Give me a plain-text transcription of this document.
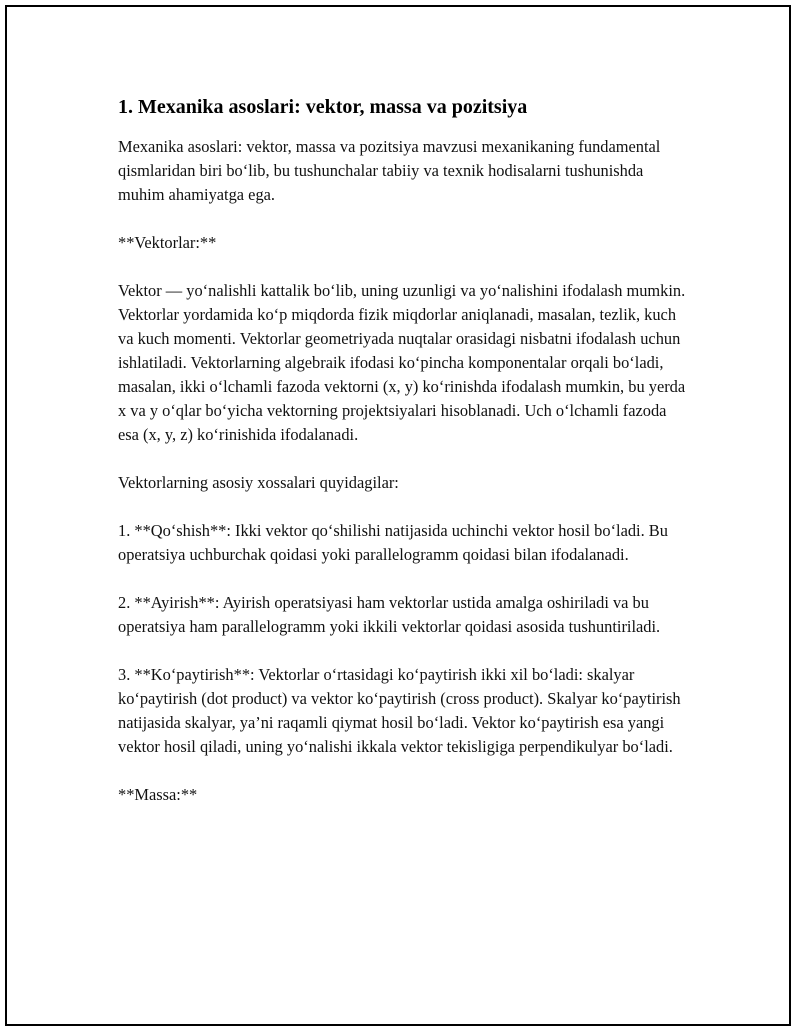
1. Mexanika asoslari: vektor, massa va pozitsiya

Mexanika asoslari: vektor, massa va pozitsiya mavzusi mexanikaning fundamental qismlaridan biri bo‘lib, bu tushunchalar tabiiy va texnik hodisalarni tushunishda muhim ahamiyatga ega.

**Vektorlar:**

Vektor — yo‘nalishli kattalik bo‘lib, uning uzunligi va yo‘nalishini ifodalash mumkin. Vektorlar yordamida ko‘p miqdorda fizik miqdorlar aniqlanadi, masalan, tezlik, kuch va kuch momenti. Vektorlar geometriyada nuqtalar orasidagi nisbatni ifodalash uchun ishlatiladi. Vektorlarning algebraik ifodasi ko‘pincha komponentalar orqali bo‘ladi, masalan, ikki o‘lchamli fazoda vektorni (x, y) ko‘rinishda ifodalash mumkin, bu yerda x va y o‘qlar bo‘yicha vektorning projektsiyalari hisoblanadi. Uch o‘lchamli fazoda esa (x, y, z) ko‘rinishida ifodalanadi.

Vektorlarning asosiy xossalari quyidagilar:

1. **Qo‘shish**: Ikki vektor qo‘shilishi natijasida uchinchi vektor hosil bo‘ladi. Bu operatsiya uchburchak qoidasi yoki parallelogramm qoidasi bilan ifodalanadi.

2. **Ayirish**: Ayirish operatsiyasi ham vektorlar ustida amalga oshiriladi va bu operatsiya ham parallelogramm yoki ikkili vektorlar qoidasi asosida tushuntiriladi.

3. **Ko‘paytirish**: Vektorlar o‘rtasidagi ko‘paytirish ikki xil bo‘ladi: skalyar ko‘paytirish (dot product) va vektor ko‘paytirish (cross product). Skalyar ko‘paytirish natijasida skalyar, ya’ni raqamli qiymat hosil bo‘ladi. Vektor ko‘paytirish esa yangi vektor hosil qiladi, uning yo‘nalishi ikkala vektor tekisligiga perpendikulyar bo‘ladi.

**Massa:**
